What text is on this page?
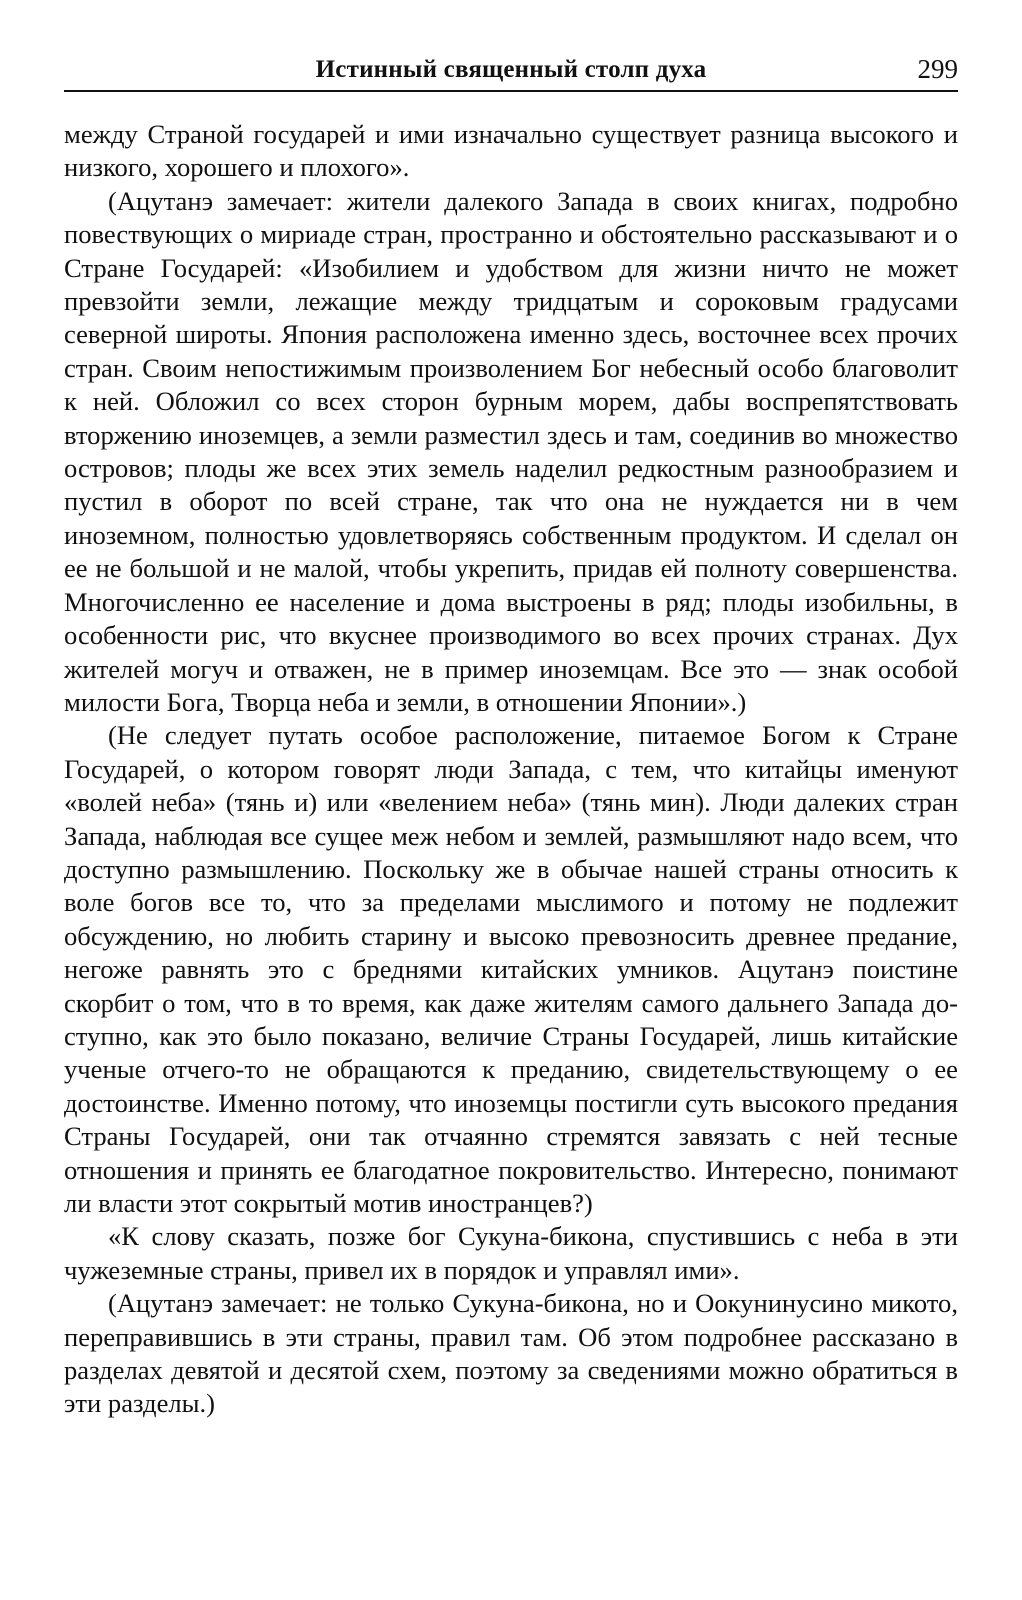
Истинный священный столп духа	299

между Страной государей и ими изначально существует разница высокого и низкого, хорошего и плохого».

(Ацутанэ замечает: жители далекого Запада в своих книгах, подробно повествующих о мириаде стран, пространно и обстоятельно рассказывают и о Стране Государей: «Изобилием и удобством для жизни ничто не может превзойти земли, лежащие между тридцатым и сороковым градусами северной широты. Япония расположена именно здесь, восточнее всех прочих стран. Своим непостижимым произволением Бог небесный особо благоволит к ней. Обложил со всех сторон бурным морем, дабы воспрепятствовать вторжению иноземцев, а земли разместил здесь и там, соединив во множество островов; плоды же всех этих земель наделил редкостным разнообразием и пустил в оборот по всей стране, так что она не нуждается ни в чем иноземном, полностью удовлетворяясь собственным продуктом. И сделал он ее не большой и не малой, чтобы укрепить, придав ей полноту совершенства. Многочисленно ее население и дома выстроены в ряд; плоды изобильны, в особенности рис, что вкуснее производимого во всех прочих странах. Дух жителей могуч и отважен, не в пример иноземцам. Все это — знак особой милости Бога, Творца неба и земли, в отношении Японии».)

(Не следует путать особое расположение, питаемое Богом к Стране Государей, о котором говорят люди Запада, с тем, что китайцы именуют «волей неба» (тянь и) или «велением неба» (тянь мин). Люди далеких стран Запада, наблюдая все сущее меж небом и землей, размышляют надо всем, что доступно размышлению. Поскольку же в обычае нашей страны относить к воле богов все то, что за пределами мыслимого и потому не подлежит обсуждению, но любить старину и высоко превозносить древнее предание, негоже равнять это с бреднями китайских умников. Ацутанэ поистине скорбит о том, что в то время, как даже жителям самого дальнего Запада доступно, как это было показано, величие Страны Государей, лишь китайские ученые отчего-то не обращаются к преданию, свидетельствующему о ее достоинстве. Именно потому, что иноземцы постигли суть высокого предания Страны Государей, они так отчаянно стремятся завязать с ней тесные отношения и принять ее благодатное покровительство. Интересно, понимают ли власти этот сокрытый мотив иностранцев?)

«К слову сказать, позже бог Сукуна-бикона, спустившись с неба в эти чужеземные страны, привел их в порядок и управлял ими».

(Ацутанэ замечает: не только Сукуна-бикона, но и Оокунинусино микото, переправившись в эти страны, правил там. Об этом подробнее рассказано в разделах девятой и десятой схем, поэтому за сведениями можно обратиться в эти разделы.)
